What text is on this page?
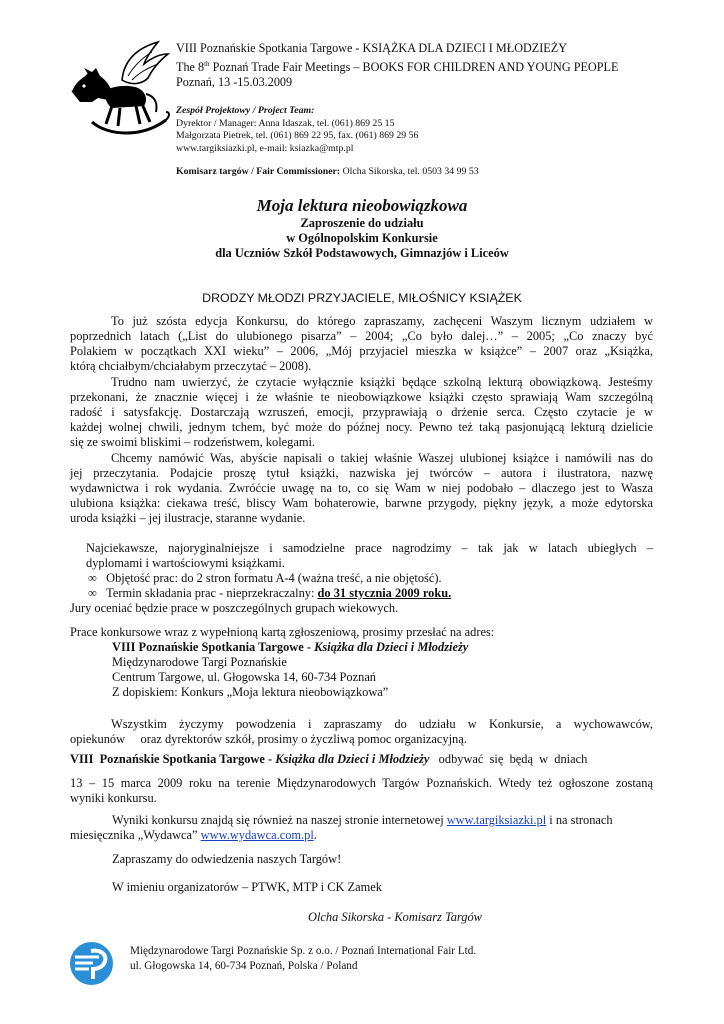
VIII Poznańskie Spotkania Targowe - KSIĄŻKA DLA DZIECI I MŁODZIEŻY
The 8th Poznań Trade Fair Meetings – BOOKS FOR CHILDREN AND YOUNG PEOPLE
Poznań, 13 -15.03.2009
Zespół Projektowy / Project Team:
Dyrektor / Manager: Anna Idaszak, tel. (061) 869 25 15
Małgorzata Pietrek, tel. (061) 869 22 95, fax. (061) 869 29 56
www.targiksiazki.pl, e-mail: ksiazka@mtp.pl
Komisarz targów / Fair Commissioner: Olcha Sikorska, tel. 0503 34 99 53
Moja lektura nieobowiązkowa
Zaproszenie do udziału
w Ogólnopolskim Konkursie
dla Uczniów Szkół Podstawowych, Gimnazjów i Liceów
DRODZY MŁODZI PRZYJACIELE, MIŁOŚNICY KSIĄŻEK

To już szósta edycja Konkursu, do którego zapraszamy, zachęceni Waszym licznym udziałem w

poprzednich latach („List do ulubionego pisarza” – 2004; „Co było dalej…” – 2005; „Co znaczy być

Polakiem w początkach XXI wieku” – 2006, „Mój przyjaciel mieszka w książce” – 2007 oraz „Książka,

którą chciałbym/chciałabym przeczytać – 2008).

Trudno nam uwierzyć, że czytacie wyłącznie książki będące szkolną lekturą obowiązkową. Jesteśmy

przekonani, że znacznie więcej i że właśnie te nieobowiązkowe książki często sprawiają Wam szczególną

radość i satysfakcję. Dostarczają wzruszeń, emocji, przyprawiają o drżenie serca. Często czytacie je w

każdej wolnej chwili, jednym tchem, być może do późnej nocy. Pewno też taką pasjonującą lekturą dzielicie

się ze swoimi bliskimi – rodzeństwem, kolegami.

Chcemy namówić Was, abyście napisali o takiej właśnie Waszej ulubionej książce i namówili nas do

jej przeczytania. Podajcie proszę tytuł książki, nazwiska jej twórców – autora i ilustratora, nazwę

wydawnictwa i rok wydania. Zwróćcie uwagę na to, co się Wam w niej podobało – dlaczego jest to Wasza

ulubiona książka: ciekawa treść, bliscy Wam bohaterowie, barwne przygody, piękny język, a może edytorska

uroda książki – jej ilustracje, staranne wydanie.

Najciekawsze, najoryginalniejsze i samodzielne prace nagrodzimy – tak jak w latach ubiegłych –

dyplomami i wartościowymi książkami.

∞ Objętość prac: do 2 stron formatu A-4 (ważna treść, a nie objętość).
∞ Termin składania prac - nieprzekraczalny: do 31 stycznia 2009 roku.
Jury oceniać będzie prace w poszczególnych grupach wiekowych.
Prace konkursowe wraz z wypełnioną kartą zgłoszeniową, prosimy przesłać na adres:
VIII Poznańskie Spotkania Targowe - Książka dla Dzieci i Młodzieży
Międzynarodowe Targi Poznańskie
Centrum Targowe, ul. Głogowska 14, 60-734 Poznań
Z dopiskiem: Konkurs „Moja lektura nieobowiązkowa”

Wszystkim życzymy powodzenia i zapraszamy do udziału w Konkursie, a wychowawców,

opiekunów     oraz dyrektorów szkół, prosimy o życzliwą pomoc organizacyjną.

VIII  Poznańskie Spotkania Targowe - Książka dla Dzieci i Młodzieży   odbywać  się  będą  w  dniach

13 – 15 marca 2009 roku na terenie Międzynarodowych Targów Poznańskich. Wtedy też ogłoszone zostaną

wyniki konkursu.

Wyniki konkursu znajdą się również na naszej stronie internetowej www.targiksiazki.pl i na stronach
miesięcznika „Wydawca” www.wydawca.com.pl.
Zapraszamy do odwiedzenia naszych Targów!
W imieniu organizatorów – PTWK, MTP i CK Zamek
Olcha Sikorska - Komisarz Targów
Międzynarodowe Targi Poznańskie Sp. z o.o. / Poznań International Fair Ltd.
ul. Głogowska 14, 60-734 Poznań, Polska / Poland
